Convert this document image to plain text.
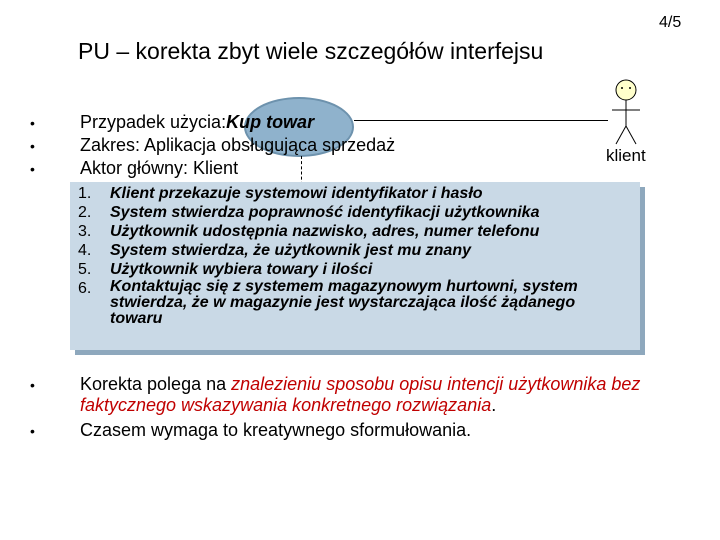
4/5
PU – korekta zbyt wiele szczegółów interfejsu
klient
•	Przypadek użycia: Kup towar
•	Zakres: Aplikacja obsługująca sprzedaż
•	Aktor główny: Klient
1.	Klient przekazuje systemowi identyfikator i hasło
2.	System stwierdza poprawność identyfikacji użytkownika
3.	Użytkownik udostępnia nazwisko, adres, numer telefonu
4.	System stwierdza, że użytkownik jest mu znany
5.	Użytkownik wybiera towary i ilości
6.	Kontaktując się z systemem magazynowym hurtowni, system stwierdza, że w magazynie jest wystarczająca ilość żądanego towaru
•	Korekta polega na znalezieniu sposobu opisu intencji użytkownika bez faktycznego wskazywania konkretnego rozwiązania.
•	Czasem wymaga to kreatywnego sformułowania.
